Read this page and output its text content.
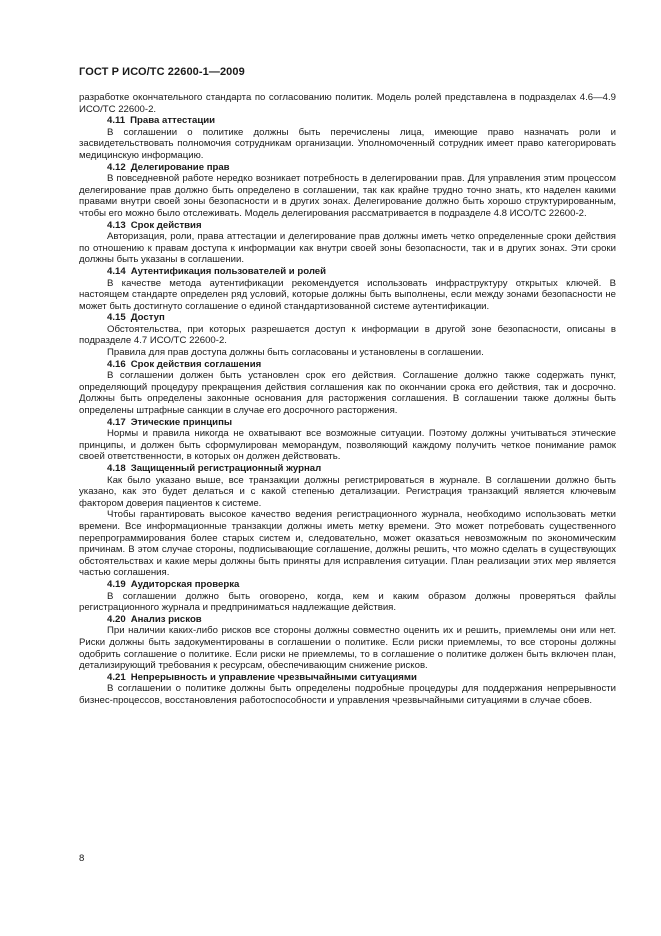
ГОСТ Р ИСО/ТС 22600-1—2009

разработке окончательного стандарта по согласованию политик. Модель ролей представлена в подразделах 4.6—4.9 ИСО/ТС 22600-2.

4.11 Права аттестации

В соглашении о политике должны быть перечислены лица, имеющие право назначать роли и засвидетельствовать полномочия сотрудникам организации. Уполномоченный сотрудник имеет право категорировать медицинскую информацию.

4.12 Делегирование прав

В повседневной работе нередко возникает потребность в делегировании прав. Для управления этим процессом делегирование прав должно быть определено в соглашении, так как крайне трудно точно знать, кто наделен какими правами внутри своей зоны безопасности и в других зонах. Делегирование должно быть хорошо структурированным, чтобы его можно было отслеживать. Модель делегирования рассматривается в подразделе 4.8 ИСО/ТС 22600-2.

4.13 Срок действия

Авторизация, роли, права аттестации и делегирование прав должны иметь четко определенные сроки действия по отношению к правам доступа к информации как внутри своей зоны безопасности, так и в других зонах. Эти сроки должны быть указаны в соглашении.

4.14 Аутентификация пользователей и ролей

В качестве метода аутентификации рекомендуется использовать инфраструктуру открытых ключей. В настоящем стандарте определен ряд условий, которые должны быть выполнены, если между зонами безопасности не может быть достигнуто соглашение о единой стандартизованной системе аутентификации.

4.15 Доступ

Обстоятельства, при которых разрешается доступ к информации в другой зоне безопасности, описаны в подразделе 4.7 ИСО/ТС 22600-2.

Правила для прав доступа должны быть согласованы и установлены в соглашении.

4.16 Срок действия соглашения

В соглашении должен быть установлен срок его действия. Соглашение должно также содержать пункт, определяющий процедуру прекращения действия соглашения как по окончании срока его действия, так и досрочно. Должны быть определены законные основания для расторжения соглашения. В соглашении также должны быть определены штрафные санкции в случае его досрочного расторжения.

4.17 Этические принципы

Нормы и правила никогда не охватывают все возможные ситуации. Поэтому должны учитываться этические принципы, и должен быть сформулирован меморандум, позволяющий каждому получить четкое понимание рамок своей ответственности, в которых он должен действовать.

4.18 Защищенный регистрационный журнал

Как было указано выше, все транзакции должны регистрироваться в журнале. В соглашении должно быть указано, как это будет делаться и с какой степенью детализации. Регистрация транзакций является ключевым фактором доверия пациентов к системе.

Чтобы гарантировать высокое качество ведения регистрационного журнала, необходимо использовать метки времени. Все информационные транзакции должны иметь метку времени. Это может потребовать существенного перепрограммирования более старых систем и, следовательно, может оказаться невозможным по экономическим причинам. В этом случае стороны, подписывающие соглашение, должны решить, что можно сделать в существующих обстоятельствах и какие меры должны быть приняты для исправления ситуации. План реализации этих мер является частью соглашения.

4.19 Аудиторская проверка

В соглашении должно быть оговорено, когда, кем и каким образом должны проверяться файлы регистрационного журнала и предприниматься надлежащие действия.

4.20 Анализ рисков

При наличии каких-либо рисков все стороны должны совместно оценить их и решить, приемлемы они или нет. Риски должны быть задокументированы в соглашении о политике. Если риски приемлемы, то все стороны должны одобрить соглашение о политике. Если риски не приемлемы, то в соглашение о политике должен быть включен план, детализирующий требования к ресурсам, обеспечивающим снижение рисков.

4.21 Непрерывность и управление чрезвычайными ситуациями

В соглашении о политике должны быть определены подробные процедуры для поддержания непрерывности бизнес-процессов, восстановления работоспособности и управления чрезвычайными ситуациями в случае сбоев.

8
